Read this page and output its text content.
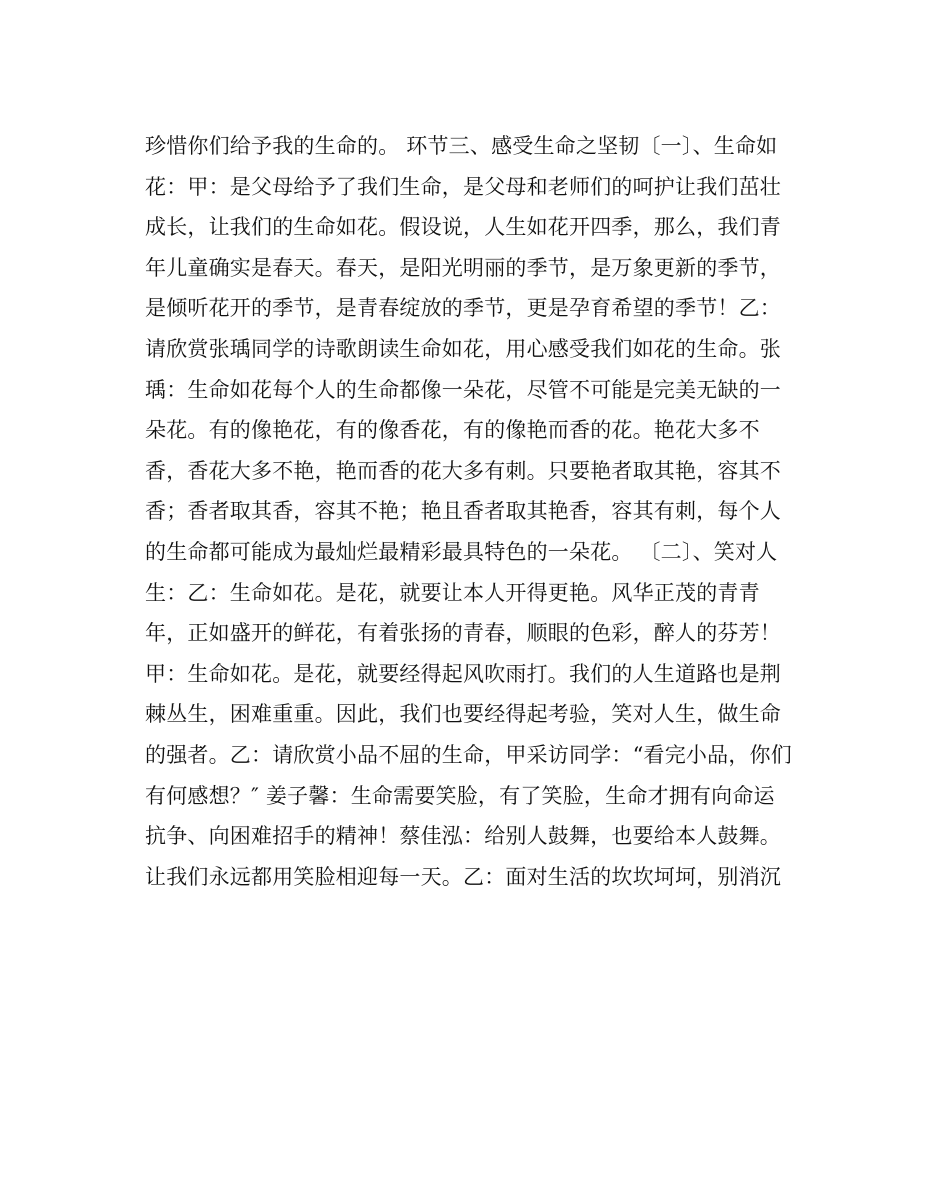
珍惜你们给予我的生命的。 环节三、感受生命之坚韧〔一〕、生命如
花：甲：是父母给予了我们生命，是父母和老师们的呵护让我们茁壮
成长，让我们的生命如花。假设说，人生如花开四季，那么，我们青
年儿童确实是春天。春天，是阳光明丽的季节，是万象更新的季节，
是倾听花开的季节，是青春绽放的季节，更是孕育希望的季节！乙：
请欣赏张瑀同学的诗歌朗读生命如花，用心感受我们如花的生命。张
瑀：生命如花每个人的生命都像一朵花，尽管不可能是完美无缺的一
朵花。有的像艳花，有的像香花，有的像艳而香的花。艳花大多不
香，香花大多不艳，艳而香的花大多有刺。只要艳者取其艳，容其不
香；香者取其香，容其不艳；艳且香者取其艳香，容其有刺，每个人
的生命都可能成为最灿烂最精彩最具特色的一朵花。 〔二〕、笑对人
生：乙：生命如花。是花，就要让本人开得更艳。风华正茂的青青
年，正如盛开的鲜花，有着张扬的青春，顺眼的色彩，醉人的芬芳！
甲：生命如花。是花，就要经得起风吹雨打。我们的人生道路也是荆
棘丛生，困难重重。因此，我们也要经得起考验，笑对人生，做生命
的强者。乙：请欣赏小品不屈的生命，甲采访同学：“看完小品，你们
有何感想？″ 姜子馨：生命需要笑脸，有了笑脸，生命才拥有向命运
抗争、向困难招手的精神！蔡佳泓：给别人鼓舞，也要给本人鼓舞。
让我们永远都用笑脸相迎每一天。乙：面对生活的坎坎坷坷，别消沉
